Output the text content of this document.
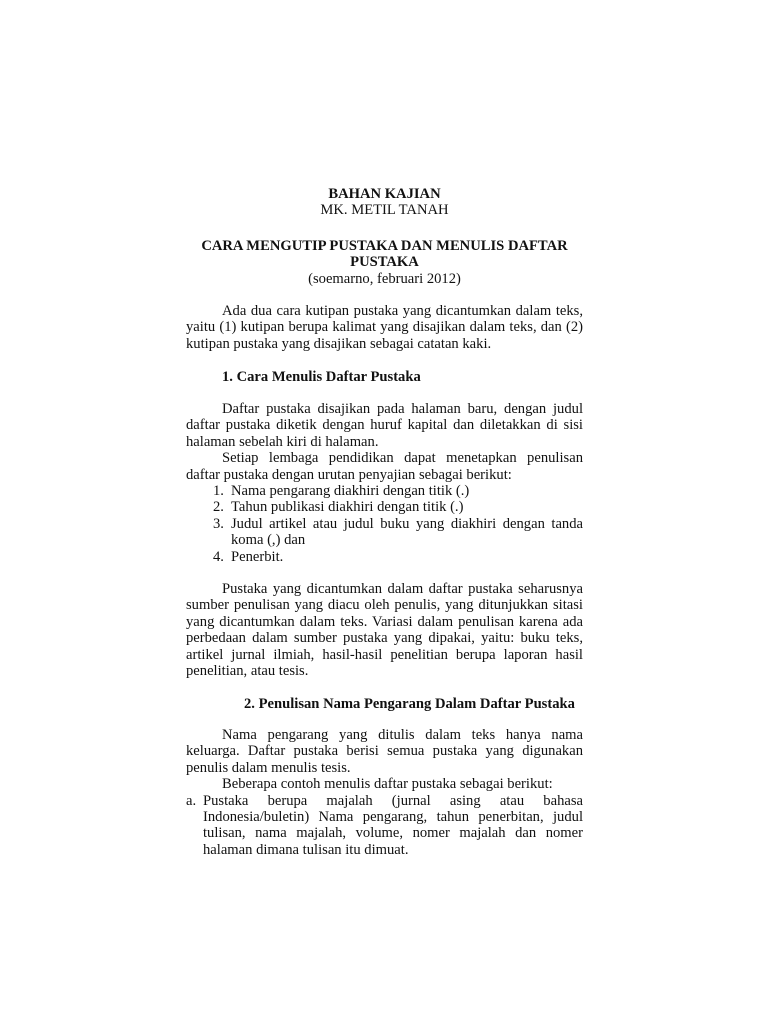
BAHAN KAJIAN
MK. METIL TANAH
CARA MENGUTIP PUSTAKA DAN MENULIS DAFTAR
PUSTAKA
(soemarno, februari 2012)

Ada dua cara kutipan pustaka yang dicantumkan dalam teks, yaitu (1) kutipan berupa kalimat yang disajikan dalam teks, dan (2) kutipan pustaka yang disajikan sebagai catatan kaki.

1. Cara Menulis Daftar Pustaka

Daftar pustaka disajikan pada halaman baru, dengan judul daftar pustaka diketik dengan huruf kapital dan diletakkan di sisi halaman sebelah kiri di halaman.

Setiap lembaga pendidikan dapat menetapkan penulisan daftar pustaka dengan urutan penyajian sebagai berikut:

1. Nama pengarang diakhiri dengan titik (.)
2. Tahun publikasi diakhiri dengan titik (.)
3. Judul artikel atau judul buku yang diakhiri dengan tanda koma (,) dan
4. Penerbit.

Pustaka yang dicantumkan dalam daftar pustaka seharusnya sumber penulisan yang diacu oleh penulis, yang ditunjukkan sitasi yang dicantumkan dalam teks. Variasi dalam penulisan karena ada perbedaan dalam sumber pustaka yang dipakai, yaitu: buku teks, artikel jurnal ilmiah, hasil-hasil penelitian berupa laporan hasil penelitian, atau tesis.

2. Penulisan Nama Pengarang Dalam Daftar Pustaka

Nama pengarang yang ditulis dalam teks hanya nama keluarga. Daftar pustaka berisi semua pustaka yang digunakan penulis dalam menulis tesis.

Beberapa contoh menulis daftar pustaka sebagai berikut:

a. Pustaka berupa majalah (jurnal asing atau bahasa Indonesia/buletin) Nama pengarang, tahun penerbitan, judul tulisan, nama majalah, volume, nomer majalah dan nomer halaman dimana tulisan itu dimuat.
